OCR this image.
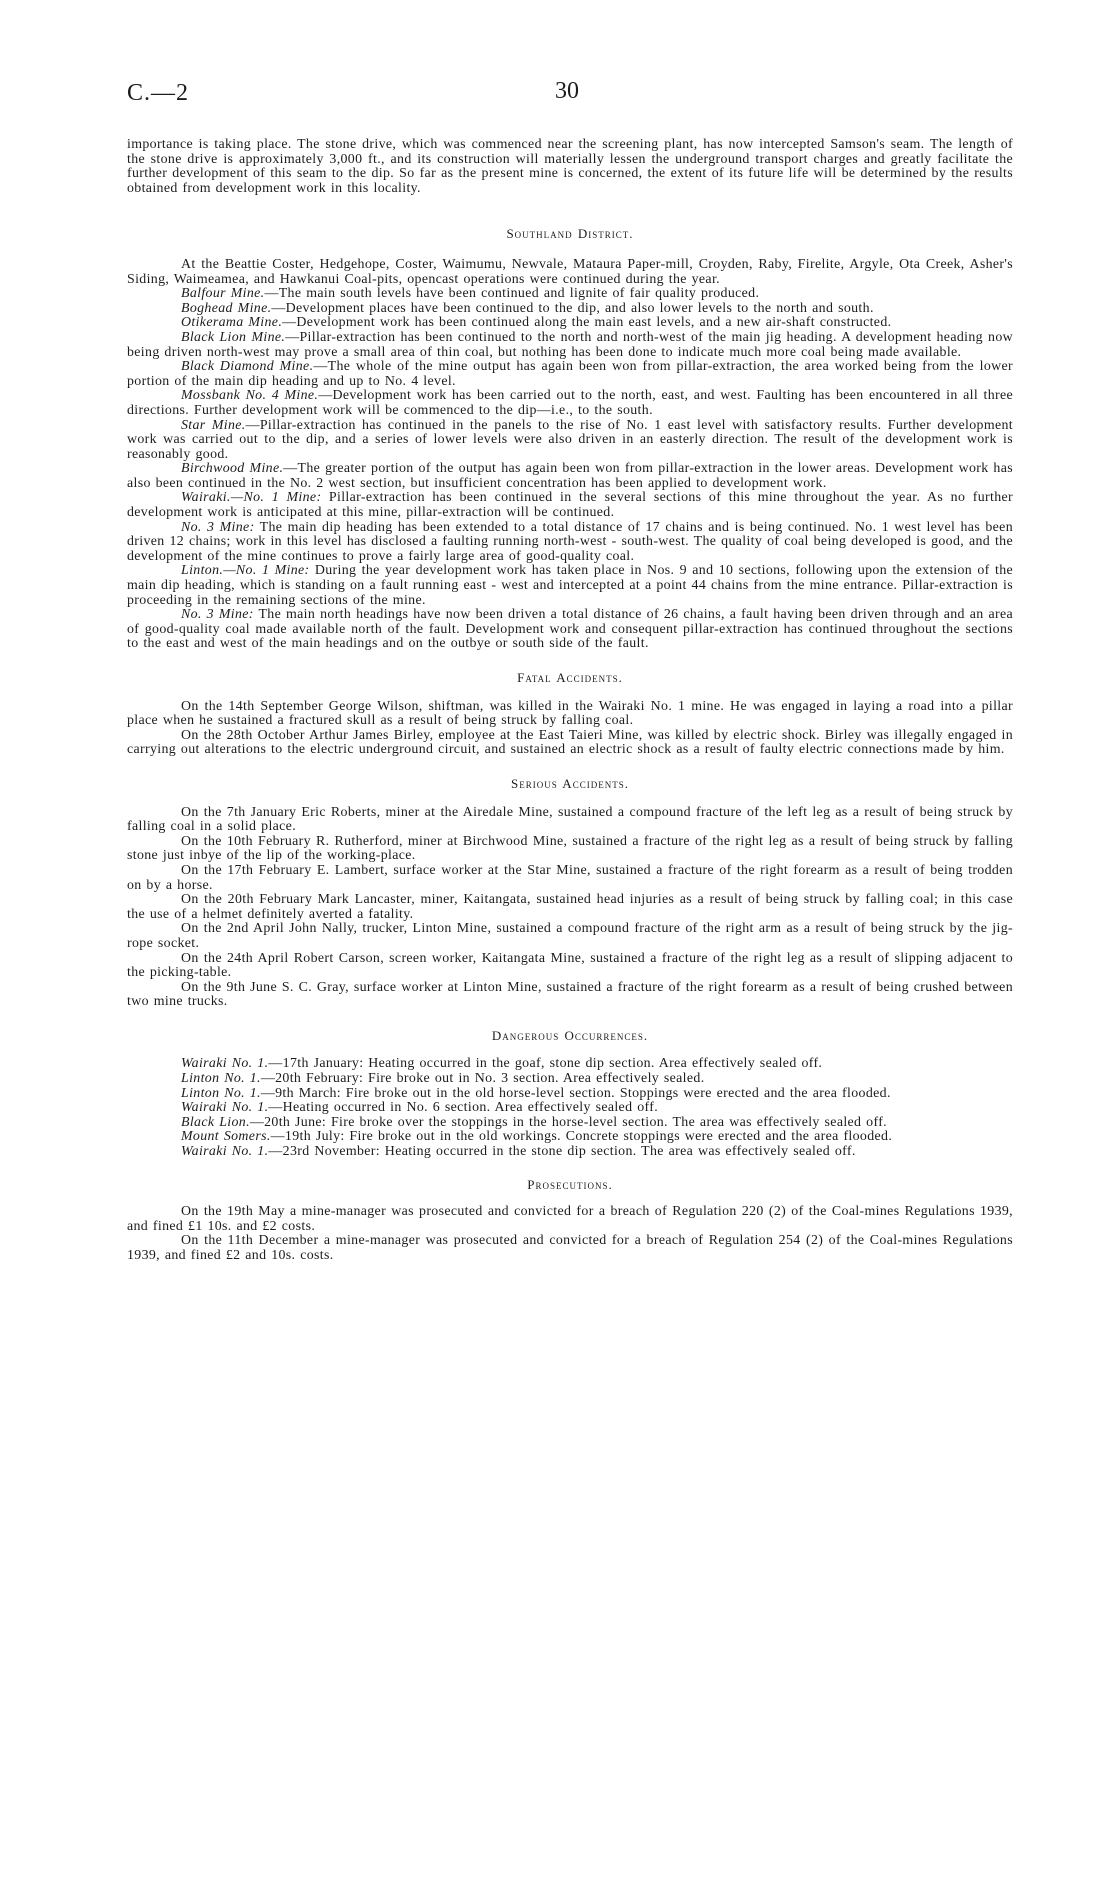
C.—2	30

importance is taking place. The stone drive, which was commenced near the screening plant, has now intercepted Samson's seam. The length of the stone drive is approximately 3,000 ft., and its construction will materially lessen the underground transport charges and greatly facilitate the further development of this seam to the dip. So far as the present mine is concerned, the extent of its future life will be determined by the results obtained from development work in this locality.

Southland District.

At the Beattie Coster, Hedgehope, Coster, Waimumu, Newvale, Mataura Paper-mill, Croyden, Raby, Firelite, Argyle, Ota Creek, Asher's Siding, Waimeamea, and Hawkanui Coal-pits, opencast operations were continued during the year.

Balfour Mine.—The main south levels have been continued and lignite of fair quality produced.

Boghead Mine.—Development places have been continued to the dip, and also lower levels to the north and south.

Otikerama Mine.—Development work has been continued along the main east levels, and a new air-shaft constructed.

Black Lion Mine.—Pillar-extraction has been continued to the north and north-west of the main jig heading. A development heading now being driven north-west may prove a small area of thin coal, but nothing has been done to indicate much more coal being made available.

Black Diamond Mine.—The whole of the mine output has again been won from pillar-extraction, the area worked being from the lower portion of the main dip heading and up to No. 4 level.

Mossbank No. 4 Mine.—Development work has been carried out to the north, east, and west. Faulting has been encountered in all three directions. Further development work will be commenced to the dip—i.e., to the south.

Star Mine.—Pillar-extraction has continued in the panels to the rise of No. 1 east level with satisfactory results. Further development work was carried out to the dip, and a series of lower levels were also driven in an easterly direction. The result of the development work is reasonably good.

Birchwood Mine.—The greater portion of the output has again been won from pillar-extraction in the lower areas. Development work has also been continued in the No. 2 west section, but insufficient concentration has been applied to development work.

Wairaki.—No. 1 Mine: Pillar-extraction has been continued in the several sections of this mine throughout the year. As no further development work is anticipated at this mine, pillar-extraction will be continued.

No. 3 Mine: The main dip heading has been extended to a total distance of 17 chains and is being continued. No. 1 west level has been driven 12 chains; work in this level has disclosed a faulting running north-west - south-west. The quality of coal being developed is good, and the development of the mine continues to prove a fairly large area of good-quality coal.

Linton.—No. 1 Mine: During the year development work has taken place in Nos. 9 and 10 sections, following upon the extension of the main dip heading, which is standing on a fault running east - west and intercepted at a point 44 chains from the mine entrance. Pillar-extraction is proceeding in the remaining sections of the mine.

No. 3 Mine: The main north headings have now been driven a total distance of 26 chains, a fault having been driven through and an area of good-quality coal made available north of the fault. Development work and consequent pillar-extraction has continued throughout the sections to the east and west of the main headings and on the outbye or south side of the fault.

Fatal Accidents.

On the 14th September George Wilson, shiftman, was killed in the Wairaki No. 1 mine. He was engaged in laying a road into a pillar place when he sustained a fractured skull as a result of being struck by falling coal.

On the 28th October Arthur James Birley, employee at the East Taieri Mine, was killed by electric shock. Birley was illegally engaged in carrying out alterations to the electric underground circuit, and sustained an electric shock as a result of faulty electric connections made by him.

Serious Accidents.

On the 7th January Eric Roberts, miner at the Airedale Mine, sustained a compound fracture of the left leg as a result of being struck by falling coal in a solid place.

On the 10th February R. Rutherford, miner at Birchwood Mine, sustained a fracture of the right leg as a result of being struck by falling stone just inbye of the lip of the working-place.

On the 17th February E. Lambert, surface worker at the Star Mine, sustained a fracture of the right forearm as a result of being trodden on by a horse.

On the 20th February Mark Lancaster, miner, Kaitangata, sustained head injuries as a result of being struck by falling coal; in this case the use of a helmet definitely averted a fatality.

On the 2nd April John Nally, trucker, Linton Mine, sustained a compound fracture of the right arm as a result of being struck by the jig-rope socket.

On the 24th April Robert Carson, screen worker, Kaitangata Mine, sustained a fracture of the right leg as a result of slipping adjacent to the picking-table.

On the 9th June S. C. Gray, surface worker at Linton Mine, sustained a fracture of the right forearm as a result of being crushed between two mine trucks.

Dangerous Occurrences.

Wairaki No. 1.—17th January: Heating occurred in the goaf, stone dip section. Area effectively sealed off.

Linton No. 1.—20th February: Fire broke out in No. 3 section. Area effectively sealed.

Linton No. 1.—9th March: Fire broke out in the old horse-level section. Stoppings were erected and the area flooded.

Wairaki No. 1.—Heating occurred in No. 6 section. Area effectively sealed off.

Black Lion.—20th June: Fire broke over the stoppings in the horse-level section. The area was effectively sealed off.

Mount Somers.—19th July: Fire broke out in the old workings. Concrete stoppings were erected and the area flooded.

Wairaki No. 1.—23rd November: Heating occurred in the stone dip section. The area was effectively sealed off.

Prosecutions.

On the 19th May a mine-manager was prosecuted and convicted for a breach of Regulation 220 (2) of the Coal-mines Regulations 1939, and fined £1 10s. and £2 costs.

On the 11th December a mine-manager was prosecuted and convicted for a breach of Regulation 254 (2) of the Coal-mines Regulations 1939, and fined £2 and 10s. costs.
